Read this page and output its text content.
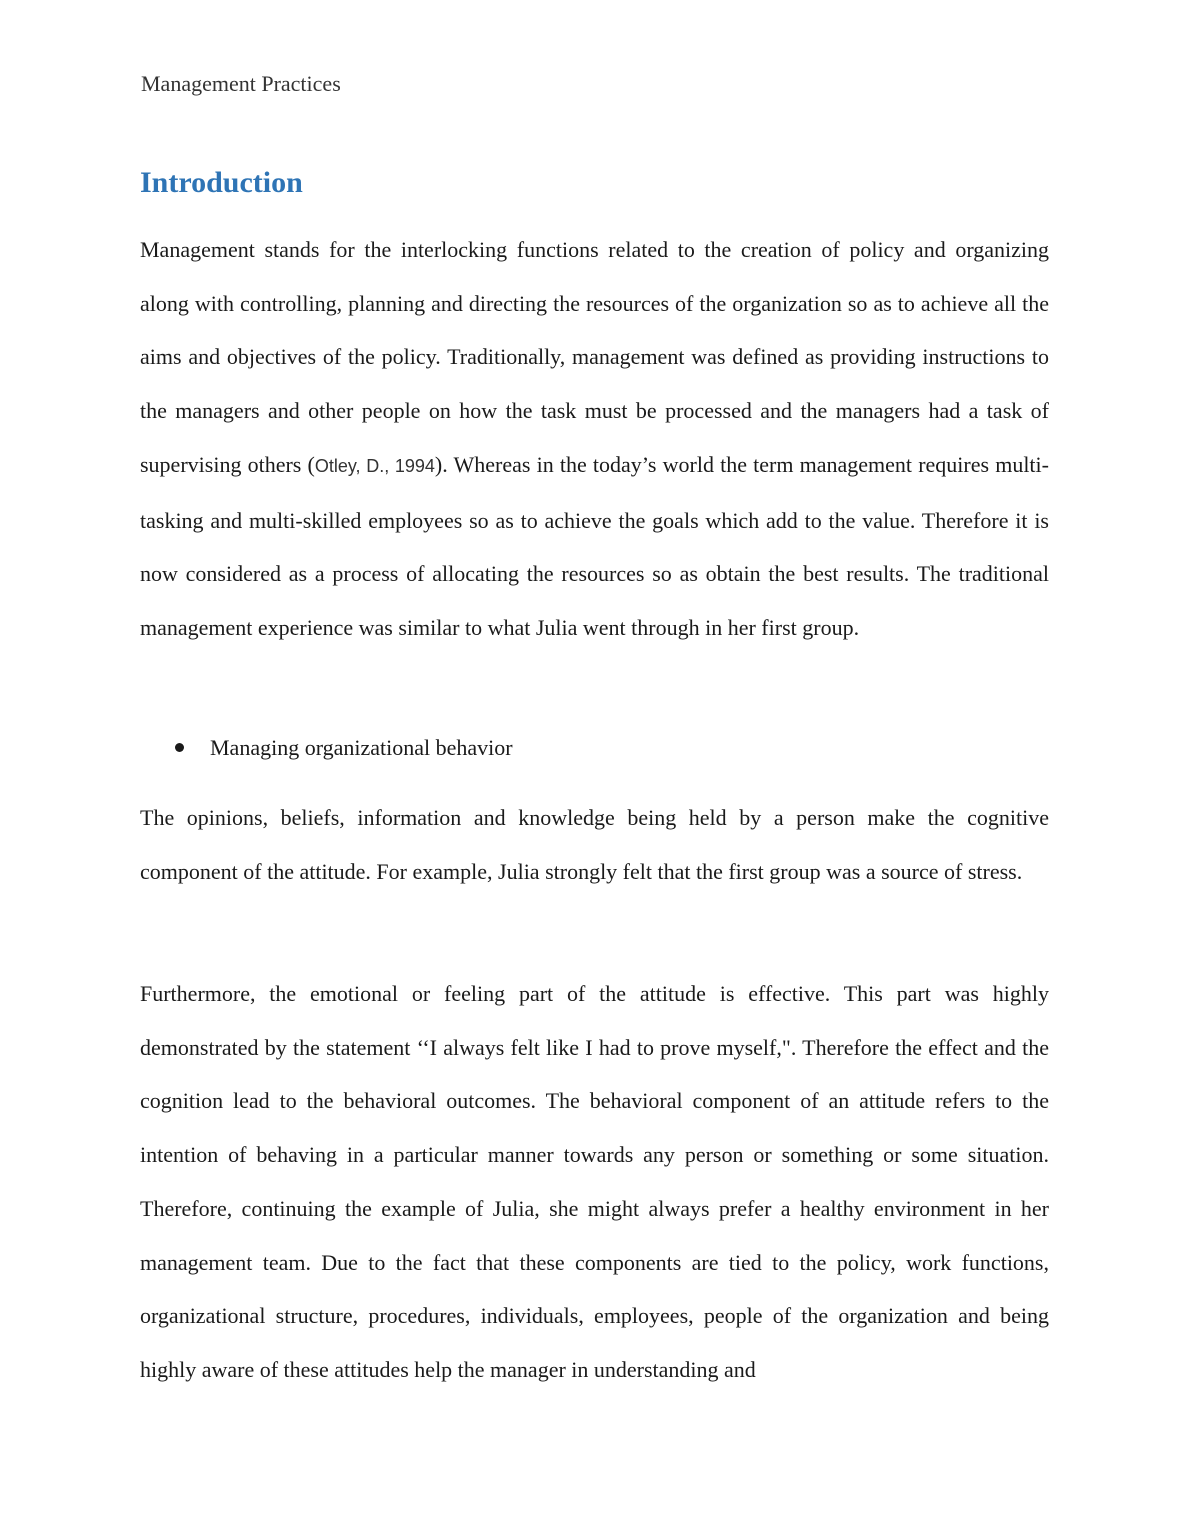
Management Practices
Introduction

Management stands for the interlocking functions related to the creation of policy and organizing along with controlling, planning and directing the resources of the organization so as to achieve all the aims and objectives of the policy. Traditionally, management was defined as providing instructions to the managers and other people on how the task must be processed and the managers had a task of supervising others (Otley, D., 1994). Whereas in the today’s world the term management requires multi-tasking and multi-skilled employees so as to achieve the goals which add to the value. Therefore it is now considered as a process of allocating the resources so as obtain the best results. The traditional management experience was similar to what Julia went through in her first group.

Managing organizational behavior

The opinions, beliefs, information and knowledge being held by a person make the cognitive component of the attitude. For example, Julia strongly felt that the first group was a source of stress.

Furthermore, the emotional or feeling part of the attitude is effective. This part was highly demonstrated by the statement ‘‘I always felt like I had to prove myself,". Therefore the effect and the cognition lead to the behavioral outcomes. The behavioral component of an attitude refers to the intention of behaving in a particular manner towards any person or something or some situation. Therefore, continuing the example of Julia, she might always prefer a healthy environment in her management team. Due to the fact that these components are tied to the policy, work functions, organizational structure, procedures, individuals, employees, people of the organization and being highly aware of these attitudes help the manager in understanding and
